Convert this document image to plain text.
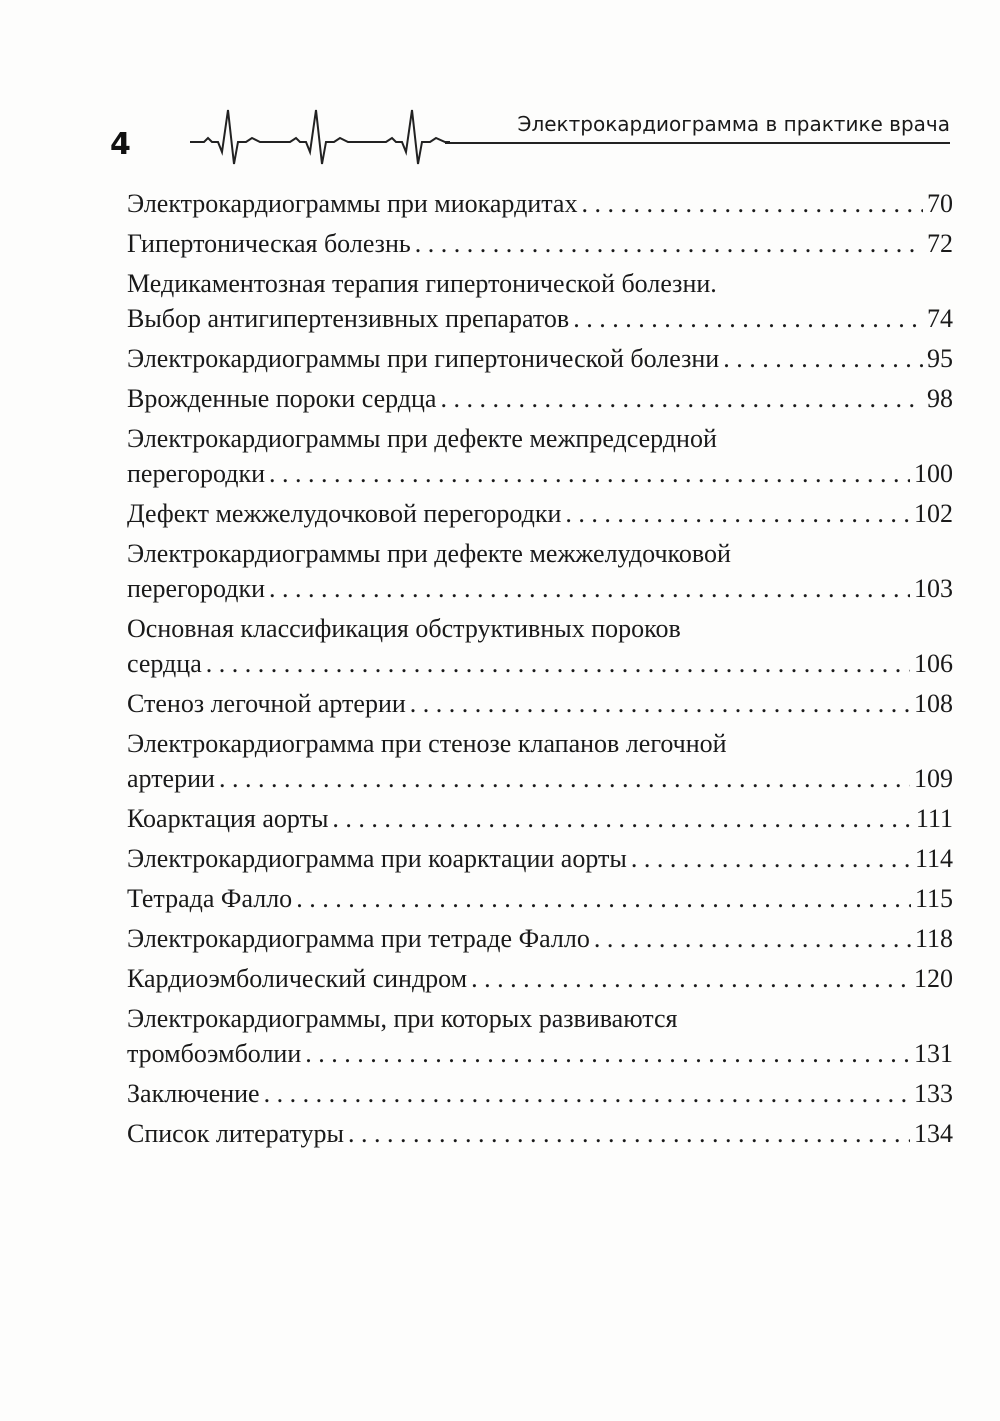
4
Электрокардиограмма в практике врача
Электрокардиограммы при миокардитах . . .	70
Гипертоническая болезнь . . .	72
Медикаментозная терапия гипертонической болезни.
Выбор антигипертензивных препаратов . . .	74
Электрокардиограммы при гипертонической болезни . . .	95
Врожденные пороки сердца . . .	98
Электрокардиограммы при дефекте межпредсердной
перегородки . . .	100
Дефект межжелудочковой перегородки . . .	102
Электрокардиограммы при дефекте межжелудочковой
перегородки . . .	103
Основная классификация обструктивных пороков
сердца . . .	106
Стеноз легочной артерии . . .	108
Электрокардиограмма при стенозе клапанов легочной
артерии . . .	109
Коарктация аорты . . .	111
Электрокардиограмма при коарктации аорты . . .	114
Тетрада Фалло . . .	115
Электрокардиограмма при тетраде Фалло . . .	118
Кардиоэмболический синдром . . .	120
Электрокардиограммы, при которых развиваются
тромбоэмболии . . .	131
Заключение . . .	133
Список литературы . . .	134
